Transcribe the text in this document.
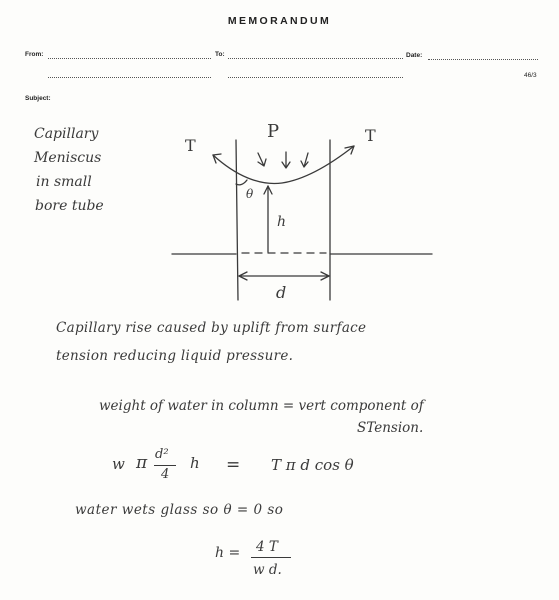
MEMORANDUM
From:	To:	Date:
46/3
Subject:
Capillary
Meniscus
in small
bore tube
T
P	T
θ
h
d
Capillary rise caused by uplift from surface
tension reducing liquid pressure.
weight of water in column = vert component of
STension.
w π d²
4
h = T π d cos θ
water wets glass so θ = 0 so
h = 4 T
w d.
